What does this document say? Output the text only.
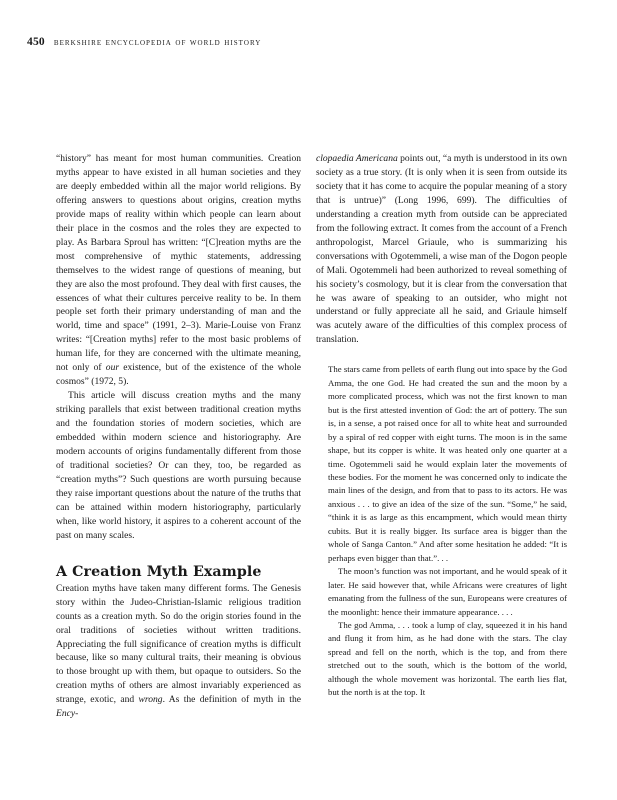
450 berkshire encyclopedia of world history

“history” has meant for most human communities. Creation myths appear to have existed in all human societies and they are deeply embedded within all the major world religions. By offering answers to questions about origins, creation myths provide maps of reality within which people can learn about their place in the cosmos and the roles they are expected to play. As Barbara Sproul has written: “[C]reation myths are the most comprehensive of mythic statements, addressing themselves to the widest range of questions of meaning, but they are also the most profound. They deal with first causes, the essences of what their cultures perceive reality to be. In them people set forth their primary understanding of man and the world, time and space” (1991, 2–3). Marie-Louise von Franz writes: “[Creation myths] refer to the most basic problems of human life, for they are concerned with the ultimate meaning, not only of our existence, but of the existence of the whole cosmos” (1972, 5).

This article will discuss creation myths and the many striking parallels that exist between traditional creation myths and the foundation stories of modern societies, which are embedded within modern science and historiography. Are modern accounts of origins fundamentally different from those of traditional societies? Or can they, too, be regarded as “creation myths”? Such questions are worth pursuing because they raise important questions about the nature of the truths that can be attained within modern historiography, particularly when, like world history, it aspires to a coherent account of the past on many scales.

A Creation Myth Example

Creation myths have taken many different forms. The Genesis story within the Judeo-Christian-Islamic religious tradition counts as a creation myth. So do the origin stories found in the oral traditions of societies without written traditions. Appreciating the full significance of creation myths is difficult because, like so many cultural traits, their meaning is obvious to those brought up with them, but opaque to outsiders. So the creation myths of others are almost invariably experienced as strange, exotic, and wrong. As the definition of myth in the Ency-

clopaedia Americana points out, “a myth is understood in its own society as a true story. (It is only when it is seen from outside its society that it has come to acquire the popular meaning of a story that is untrue)” (Long 1996, 699). The difficulties of understanding a creation myth from outside can be appreciated from the following extract. It comes from the account of a French anthropologist, Marcel Griaule, who is summarizing his conversations with Ogotemmeli, a wise man of the Dogon people of Mali. Ogotemmeli had been authorized to reveal something of his society’s cosmology, but it is clear from the conversation that he was aware of speaking to an outsider, who might not understand or fully appreciate all he said, and Griaule himself was acutely aware of the difficulties of this complex process of translation.

The stars came from pellets of earth flung out into space by the God Amma, the one God. He had created the sun and the moon by a more complicated process, which was not the first known to man but is the first attested invention of God: the art of pottery. The sun is, in a sense, a pot raised once for all to white heat and surrounded by a spiral of red copper with eight turns. The moon is in the same shape, but its copper is white. It was heated only one quarter at a time. Ogotemmeli said he would explain later the movements of these bodies. For the moment he was concerned only to indicate the main lines of the design, and from that to pass to its actors. He was anxious . . . to give an idea of the size of the sun. “Some,” he said, “think it is as large as this encampment, which would mean thirty cubits. But it is really bigger. Its surface area is bigger than the whole of Sanga Canton.” And after some hesitation he added: “It is perhaps even bigger than that.”. . .

The moon’s function was not important, and he would speak of it later. He said however that, while Africans were creatures of light emanating from the fullness of the sun, Europeans were creatures of the moonlight: hence their immature appearance. . . .

The god Amma, . . . took a lump of clay, squeezed it in his hand and flung it from him, as he had done with the stars. The clay spread and fell on the north, which is the top, and from there stretched out to the south, which is the bottom of the world, although the whole movement was horizontal. The earth lies flat, but the north is at the top. It
